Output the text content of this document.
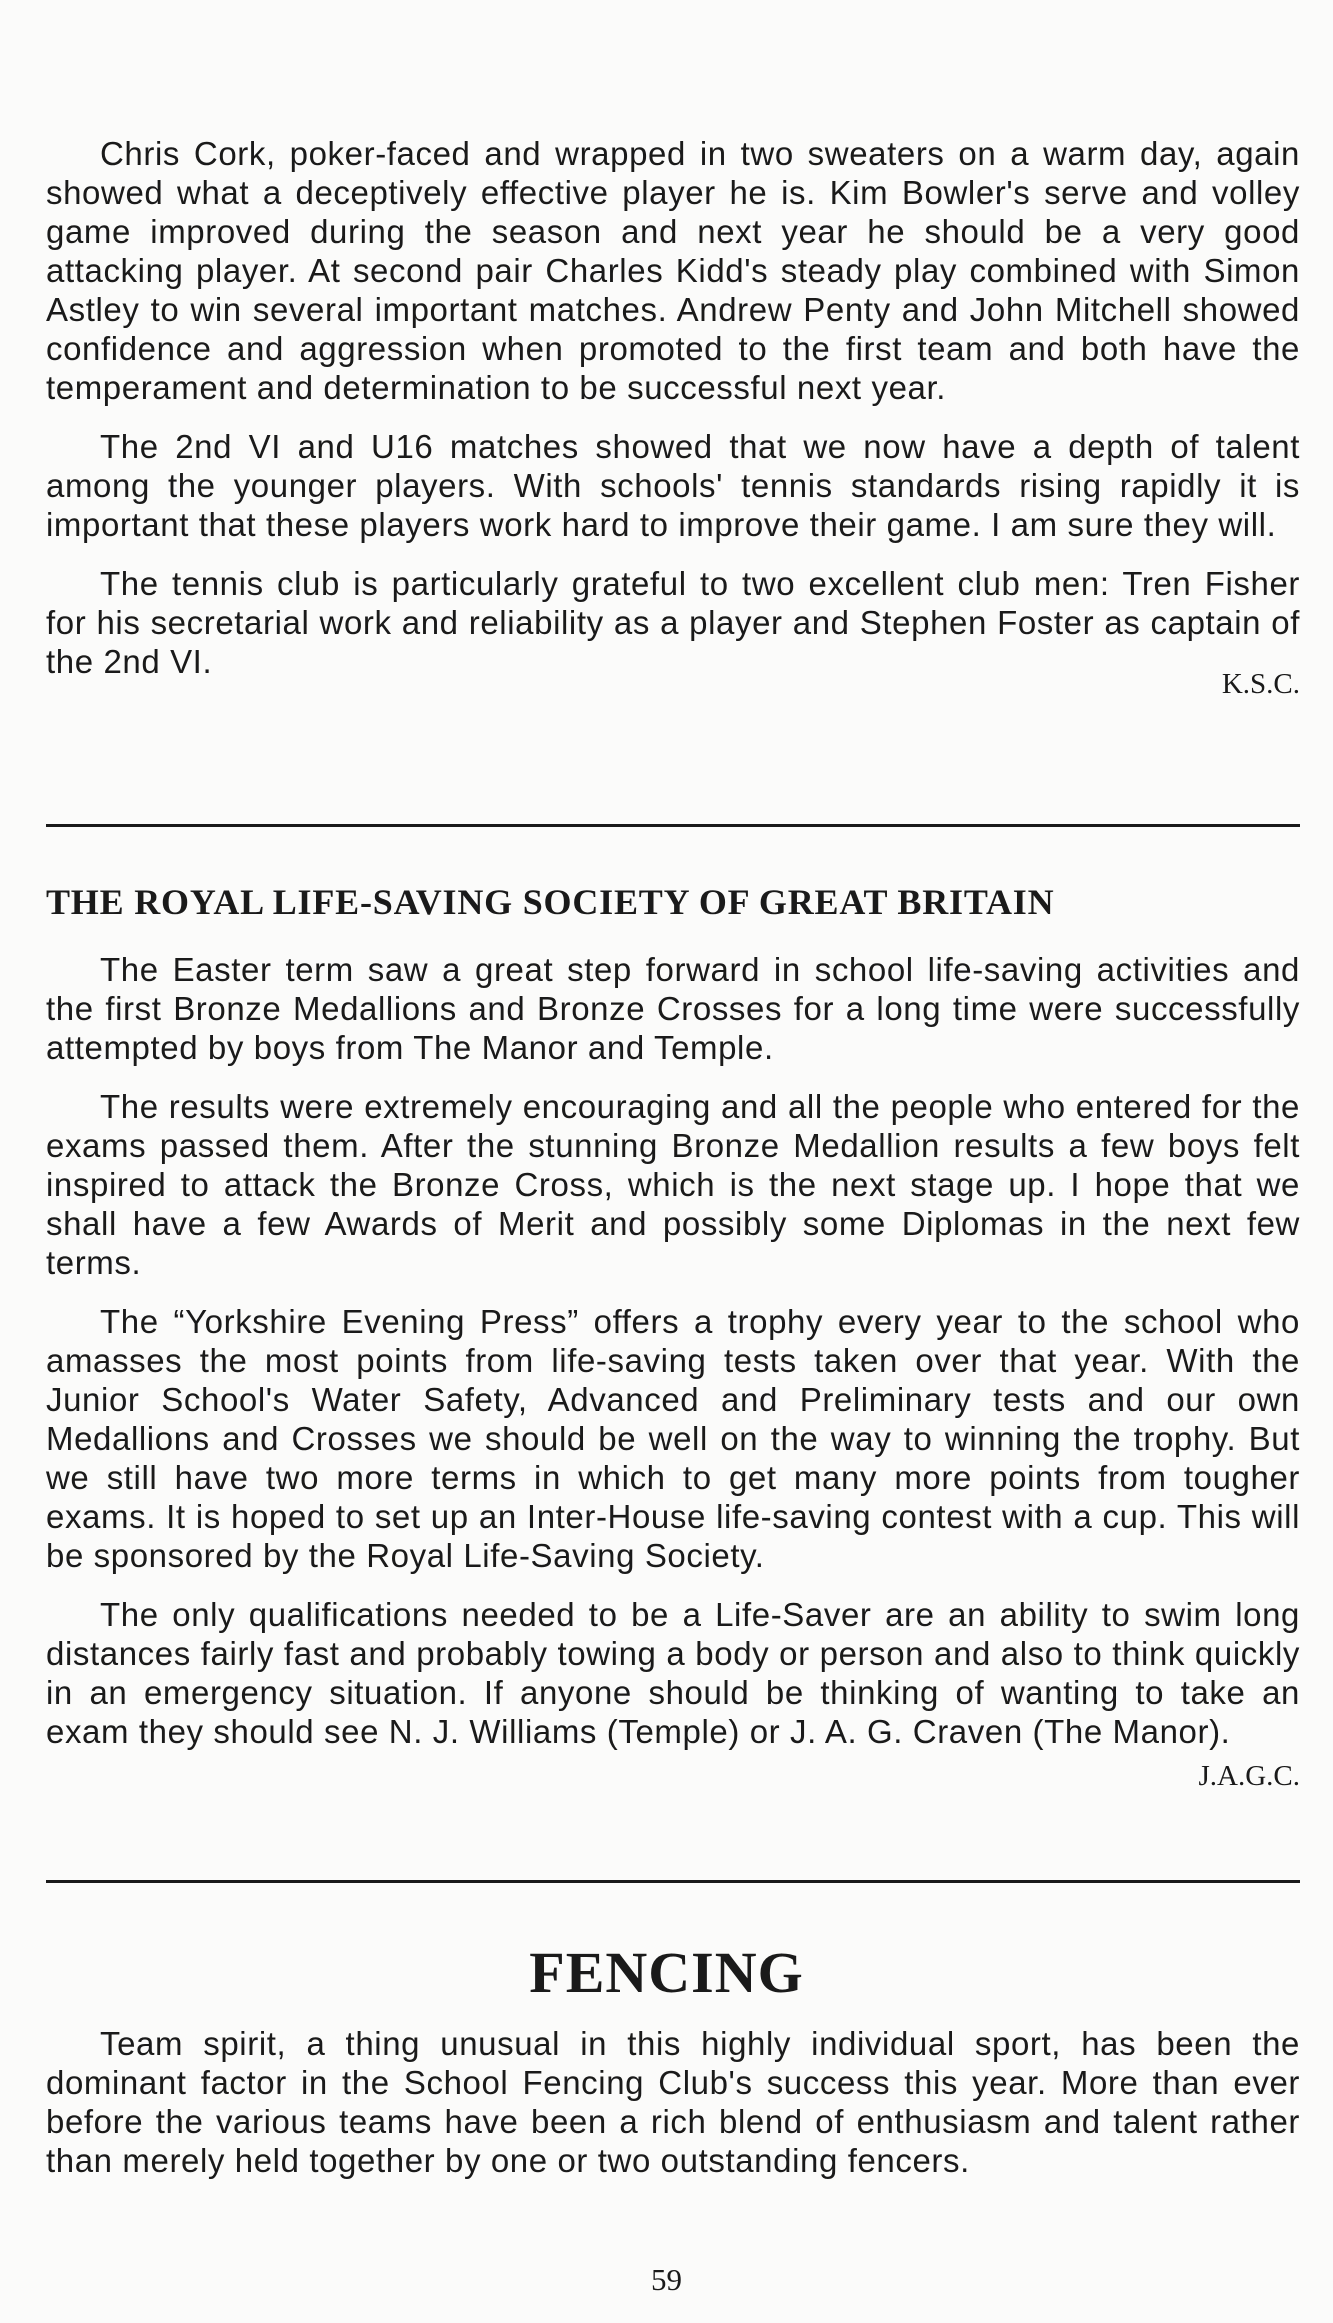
Chris Cork, poker-faced and wrapped in two sweaters on a warm day, again showed what a deceptively effective player he is. Kim Bowler's serve and volley game improved during the season and next year he should be a very good attacking player. At second pair Charles Kidd's steady play combined with Simon Astley to win several important matches. Andrew Penty and John Mitchell showed confidence and aggression when promoted to the first team and both have the temperament and determination to be successful next year.

The 2nd VI and U16 matches showed that we now have a depth of talent among the younger players. With schools' tennis standards rising rapidly it is important that these players work hard to improve their game. I am sure they will.

The tennis club is particularly grateful to two excellent club men: Tren Fisher for his secretarial work and reliability as a player and Stephen Foster as captain of the 2nd VI.

K.S.C.

THE ROYAL LIFE-SAVING SOCIETY OF GREAT BRITAIN

The Easter term saw a great step forward in school life-saving activities and the first Bronze Medallions and Bronze Crosses for a long time were successfully attempted by boys from The Manor and Temple.

The results were extremely encouraging and all the people who entered for the exams passed them. After the stunning Bronze Medallion results a few boys felt inspired to attack the Bronze Cross, which is the next stage up. I hope that we shall have a few Awards of Merit and possibly some Diplomas in the next few terms.

The “Yorkshire Evening Press” offers a trophy every year to the school who amasses the most points from life-saving tests taken over that year. With the Junior School's Water Safety, Advanced and Preliminary tests and our own Medallions and Crosses we should be well on the way to winning the trophy. But we still have two more terms in which to get many more points from tougher exams. It is hoped to set up an Inter-House life-saving contest with a cup. This will be sponsored by the Royal Life-Saving Society.

The only qualifications needed to be a Life-Saver are an ability to swim long distances fairly fast and probably towing a body or person and also to think quickly in an emergency situation. If anyone should be thinking of wanting to take an exam they should see N. J. Williams (Temple) or J. A. G. Craven (The Manor).

J.A.G.C.

FENCING

Team spirit, a thing unusual in this highly individual sport, has been the dominant factor in the School Fencing Club's success this year. More than ever before the various teams have been a rich blend of enthusiasm and talent rather than merely held together by one or two outstanding fencers.

59
